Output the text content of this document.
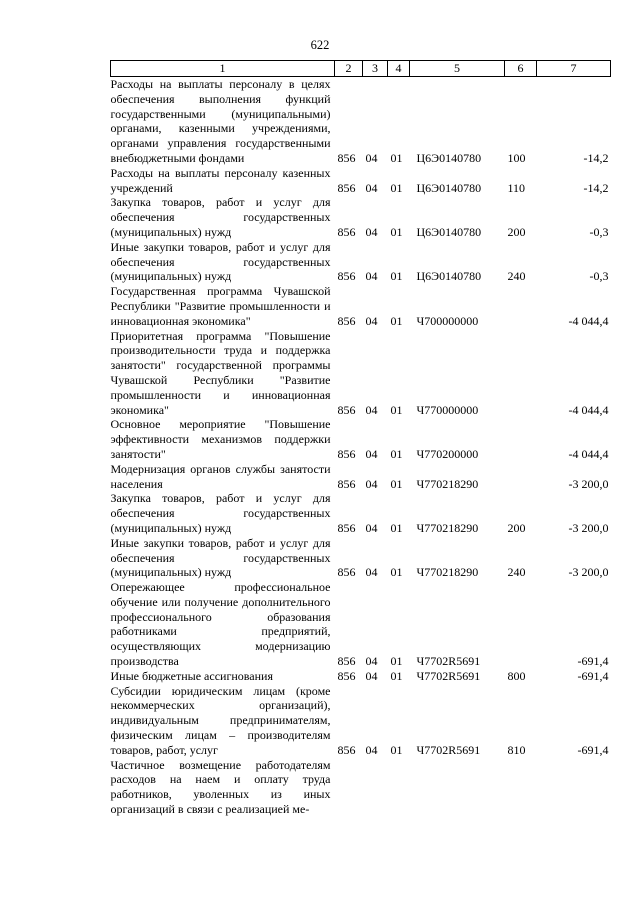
622
1	2	3	4	5	6	7
Расходы на выплаты персоналу в целях обеспечения выполнения функций государственными (муниципальными) органами, казенными учреждениями, органами управления государственными внебюджетными фондами	856	04	01	Ц6Э0140780	100	-14,2
Расходы на выплаты персоналу казенных учреждений	856	04	01	Ц6Э0140780	110	-14,2
Закупка товаров, работ и услуг для обеспечения государственных (муниципальных) нужд	856	04	01	Ц6Э0140780	200	-0,3
Иные закупки товаров, работ и услуг для обеспечения государственных (муниципальных) нужд	856	04	01	Ц6Э0140780	240	-0,3
Государственная программа Чувашской Республики "Развитие промышленности и инновационная экономика"	856	04	01	Ч700000000		-4 044,4
Приоритетная программа "Повышение производительности труда и поддержка занятости" государственной программы Чувашской Республики "Развитие промышленности и инновационная экономика"	856	04	01	Ч770000000		-4 044,4
Основное мероприятие "Повышение эффективности механизмов поддержки занятости"	856	04	01	Ч770200000		-4 044,4
Модернизация органов службы занятости населения	856	04	01	Ч770218290		-3 200,0
Закупка товаров, работ и услуг для обеспечения государственных (муниципальных) нужд	856	04	01	Ч770218290	200	-3 200,0
Иные закупки товаров, работ и услуг для обеспечения государственных (муниципальных) нужд	856	04	01	Ч770218290	240	-3 200,0
Опережающее профессиональное обучение или получение дополнительного профессионального образования работниками предприятий, осуществляющих модернизацию производства	856	04	01	Ч7702R5691		-691,4
Иные бюджетные ассигнования	856	04	01	Ч7702R5691	800	-691,4
Субсидии юридическим лицам (кроме некоммерческих организаций), индивидуальным предпринимателям, физическим лицам – производителям товаров, работ, услуг	856	04	01	Ч7702R5691	810	-691,4
Частичное возмещение работодателям расходов на наем и оплату труда работников, уволенных из иных организаций в связи с реализацией ме-						
